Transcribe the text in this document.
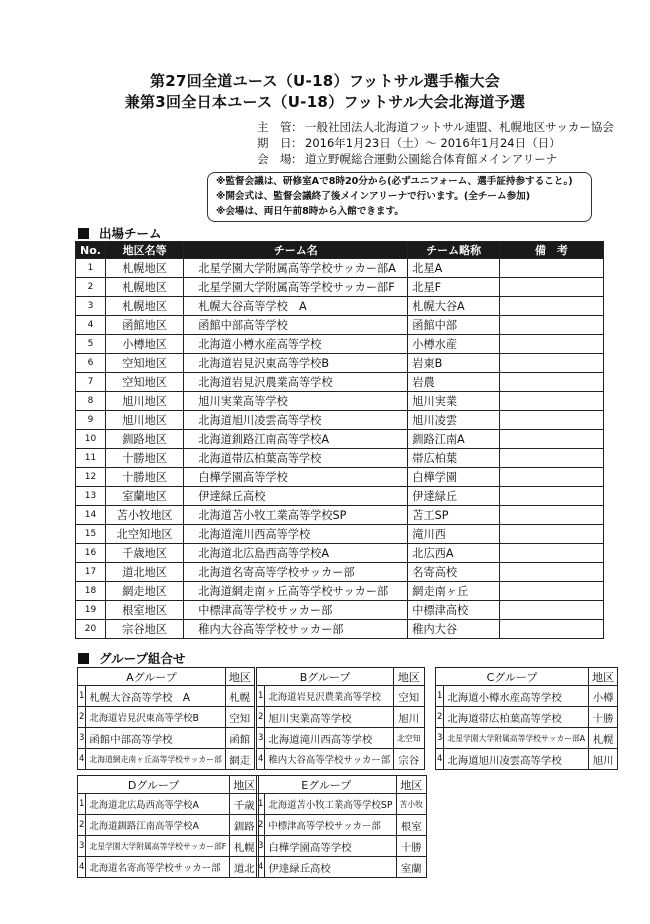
第27回全道ユース（U-18）フットサル選手権大会
兼第3回全日本ユース（U-18）フットサル大会北海道予選
主　管 ： 一般社団法人北海道フットサル連盟、札幌地区サッカー協会
期　日 ： 2016年1月23日（土）～ 2016年1月24日（日）
会　場 ： 道立野幌総合運動公園総合体育館メインアリーナ
※監督会議は、研修室Aで8時20分から(必ずユニフォーム、選手証持参すること。)
※開会式は、監督会議終了後メインアリーナで行います。(全チーム参加)
※会場は、両日午前8時から入館できます。
出場チーム
No.	地区名等	チーム名	チーム略称	備　考
1	札幌地区	北星学園大学附属高等学校サッカー部A	北星A	
2	札幌地区	北星学園大学附属高等学校サッカー部F	北星F	
3	札幌地区	札幌大谷高等学校　A	札幌大谷A	
4	函館地区	函館中部高等学校	函館中部	
5	小樽地区	北海道小樽水産高等学校	小樽水産	
6	空知地区	北海道岩見沢東高等学校B	岩東B	
7	空知地区	北海道岩見沢農業高等学校	岩農	
8	旭川地区	旭川実業高等学校	旭川実業	
9	旭川地区	北海道旭川凌雲高等学校	旭川凌雲	
10	釧路地区	北海道釧路江南高等学校A	釧路江南A	
11	十勝地区	北海道帯広柏葉高等学校	帯広柏葉	
12	十勝地区	白樺学園高等学校	白樺学園	
13	室蘭地区	伊達緑丘高校	伊達緑丘	
14	苫小牧地区	北海道苫小牧工業高等学校SP	苫工SP	
15	北空知地区	北海道滝川西高等学校	滝川西	
16	千歳地区	北海道北広島西高等学校A	北広西A	
17	道北地区	北海道名寄高等学校サッカー部	名寄高校	
18	網走地区	北海道網走南ヶ丘高等学校サッカー部	網走南ヶ丘	
19	根室地区	中標津高等学校サッカー部	中標津高校	
20	宗谷地区	稚内大谷高等学校サッカー部	稚内大谷	
グループ組合せ
Aグループ		地区
1	札幌大谷高等学校　A	札幌
2	北海道岩見沢東高等学校B	空知
3	函館中部高等学校	函館
4	北海道網走南ヶ丘高等学校サッカー部	網走
Bグループ		地区
1	北海道岩見沢農業高等学校	空知
2	旭川実業高等学校	旭川
3	北海道滝川西高等学校	北空知
4	稚内大谷高等学校サッカー部	宗谷
Cグループ		地区
1	北海道小樽水産高等学校	小樽
2	北海道帯広柏葉高等学校	十勝
3	北星学園大学附属高等学校サッカー部A	札幌
4	北海道旭川凌雲高等学校	旭川
Dグループ		地区
1	北海道北広島西高等学校A	千歳
2	北海道釧路江南高等学校A	釧路
3	北星学園大学附属高等学校サッカー部F	札幌
4	北海道名寄高等学校サッカー部	道北
Eグループ		地区
1	北海道苫小牧工業高等学校SP	苫小牧
2	中標津高等学校サッカー部	根室
3	白樺学園高等学校	十勝
4	伊達緑丘高校	室蘭
